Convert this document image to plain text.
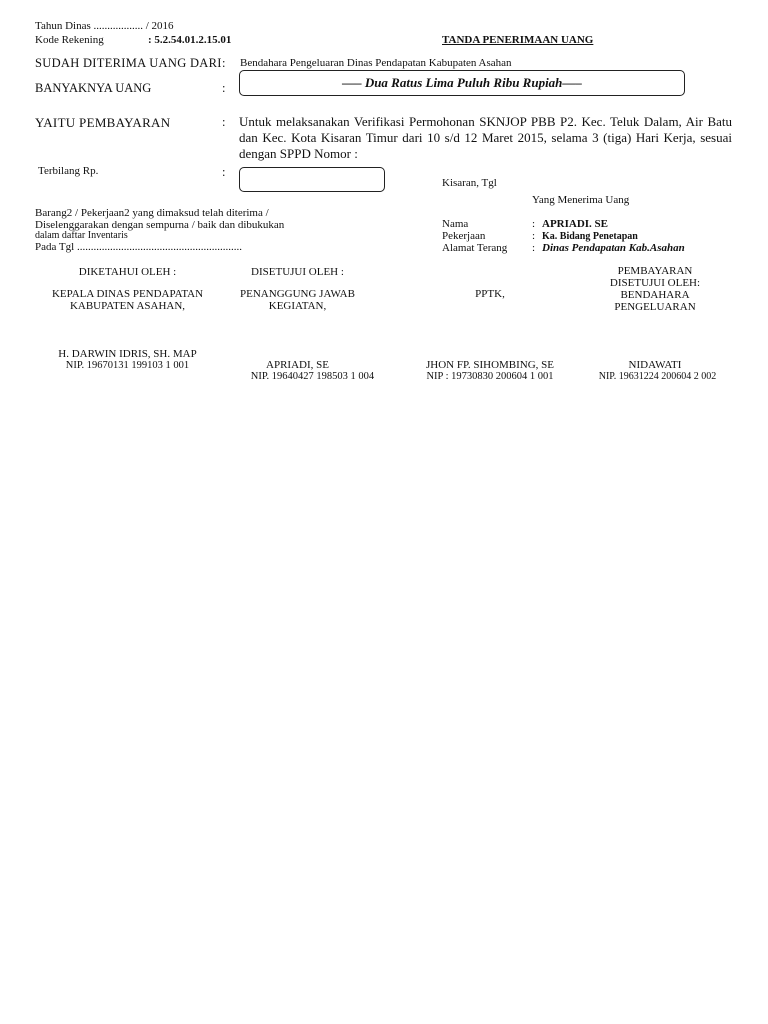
Tahun Dinas .................. / 2016
Kode Rekening	: 5.2.54.01.2.15.01	TANDA PENERIMAAN UANG
SUDAH DITERIMA UANG DARI : Bendahara Pengeluaran Dinas Pendapatan Kabupaten Asahan
BANYAKNYA UANG	:	—– Dua Ratus Lima Puluh Ribu Rupiah—–
YAITU PEMBAYARAN	: Untuk melaksanakan Verifikasi Permohonan SKNJOP PBB P2. Kec. Teluk Dalam, Air Batu dan Kec. Kota Kisaran Timur dari 10 s/d 12 Maret 2015, selama 3 (tiga) Hari Kerja, sesuai dengan SPPD Nomor :
Terbilang Rp.	:
Kisaran, Tgl
Yang Menerima Uang
Nama	: APRIADI. SE
Pekerjaan	: Ka. Bidang Penetapan
Alamat Terang : Dinas Pendapatan Kab.Asahan
Barang2 / Pekerjaan2 yang dimaksud telah diterima /
Diselenggarakan dengan sempurna / baik dan dibukukan
dalam daftar Inventaris
Pada Tgl ............................................................
DIKETAHUI OLEH :
KEPALA DINAS PENDAPATAN KABUPATEN ASAHAN,
H. DARWIN IDRIS, SH. MAP
NIP. 19670131 199103 1 001
DISETUJUI OLEH :
PENANGGUNG JAWAB KEGIATAN,
APRIADI, SE
NIP. 19640427 198503 1 004
PPTK,
JHON FP. SIHOMBING, SE
NIP : 19730830 200604 1 001
PEMBAYARAN DISETUJUI OLEH: BENDAHARA PENGELUARAN
NIDAWATI
NIP. 19631224 200604 2 002
